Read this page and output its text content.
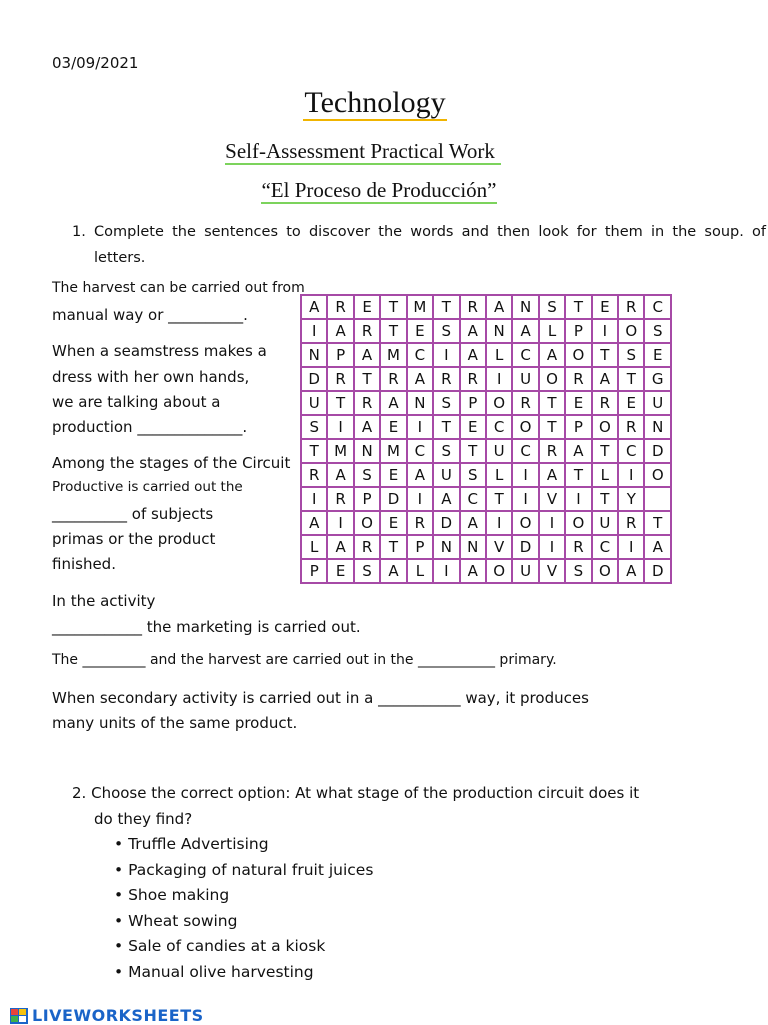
03/09/2021
Technology
Self-Assessment Practical Work
“El Proceso de Producción”
1. Complete the sentences to discover the words and then look for them in the soup. of letters.
The harvest can be carried out from
manual way or __________.
When a seamstress makes a
dress with her own hands,
we are talking about a
production ______________.
Among the stages of the Circuit
Productive is carried out the
__________ of subjects
primas or the product
finished.
In the activity
____________ the marketing is carried out.
The _________ and the harvest are carried out in the ___________ primary.
When secondary activity is carried out in a ___________ way, it produces
many units of the same product.
A	R	E	T	M	T	R	A	N	S	T	E	R	C
I	A	R	T	E	S	A	N	A	L	P	I	O	S
N	P	A	M	C	I	A	L	C	A	O	T	S	E
D	R	T	R	A	R	R	I	U	O	R	A	T	G
U	T	R	A	N	S	P	O	R	T	E	R	E	U
S	I	A	E	I	T	E	C	O	T	P	O	R	N
T	M	N	M	C	S	T	U	C	R	A	T	C	D
R	A	S	E	A	U	S	L	I	A	T	L	I	O
I	R	P	D	I	A	C	T	I	V	I	T	Y	
A	I	O	E	R	D	A	I	O	I	O	U	R	T
L	A	R	T	P	N	N	V	D	I	R	C	I	A
P	E	S	A	L	I	A	O	U	V	S	O	A	D
2. Choose the correct option: At what stage of the production circuit does it
do they find?
• Truffle Advertising
• Packaging of natural fruit juices
• Shoe making
• Wheat sowing
• Sale of candies at a kiosk
• Manual olive harvesting
LIVEWORKSHEETS
